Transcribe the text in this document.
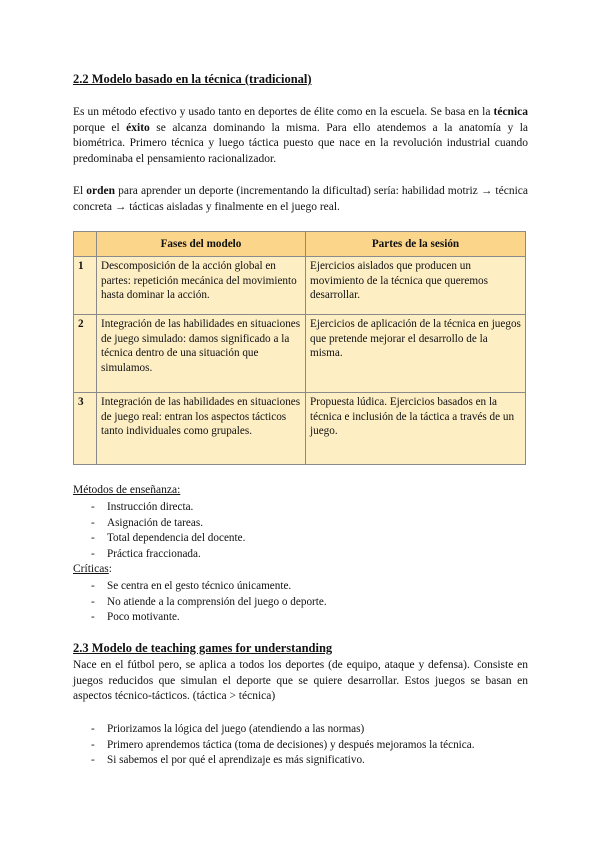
2.2 Modelo basado en la técnica (tradicional)
Es un método efectivo y usado tanto en deportes de élite como en la escuela. Se basa en la técnica porque el éxito se alcanza dominando la misma. Para ello atendemos a la anatomía y la biométrica. Primero técnica y luego táctica puesto que nace en la revolución industrial cuando predominaba el pensamiento racionalizador.
El orden para aprender un deporte (incrementando la dificultad) sería: habilidad motriz → técnica concreta → tácticas aisladas y finalmente en el juego real.
	Fases del modelo	Partes de la sesión
1	Descomposición de la acción global en partes: repetición mecánica del movimiento hasta dominar la acción.	Ejercicios aislados que producen un movimiento de la técnica que queremos desarrollar.
2	Integración de las habilidades en situaciones de juego simulado: damos significado a la técnica dentro de una situación que simulamos.	Ejercicios de aplicación de la técnica en juegos que pretende mejorar el desarrollo de la misma.
3	Integración de las habilidades en situaciones de juego real: entran los aspectos tácticos tanto individuales como grupales.	Propuesta lúdica. Ejercicios basados en la técnica e inclusión de la táctica a través de un juego.
Métodos de enseñanza:
- Instrucción directa.
- Asignación de tareas.
- Total dependencia del docente.
- Práctica fraccionada.
Críticas:
- Se centra en el gesto técnico únicamente.
- No atiende a la comprensión del juego o deporte.
- Poco motivante.
2.3 Modelo de teaching games for understanding
Nace en el fútbol pero, se aplica a todos los deportes (de equipo, ataque y defensa). Consiste en juegos reducidos que simulan el deporte que se quiere desarrollar. Estos juegos se basan en aspectos técnico-tácticos. (táctica > técnica)
- Priorizamos la lógica del juego (atendiendo a las normas)
- Primero aprendemos táctica (toma de decisiones) y después mejoramos la técnica.
- Si sabemos el por qué el aprendizaje es más significativo.
